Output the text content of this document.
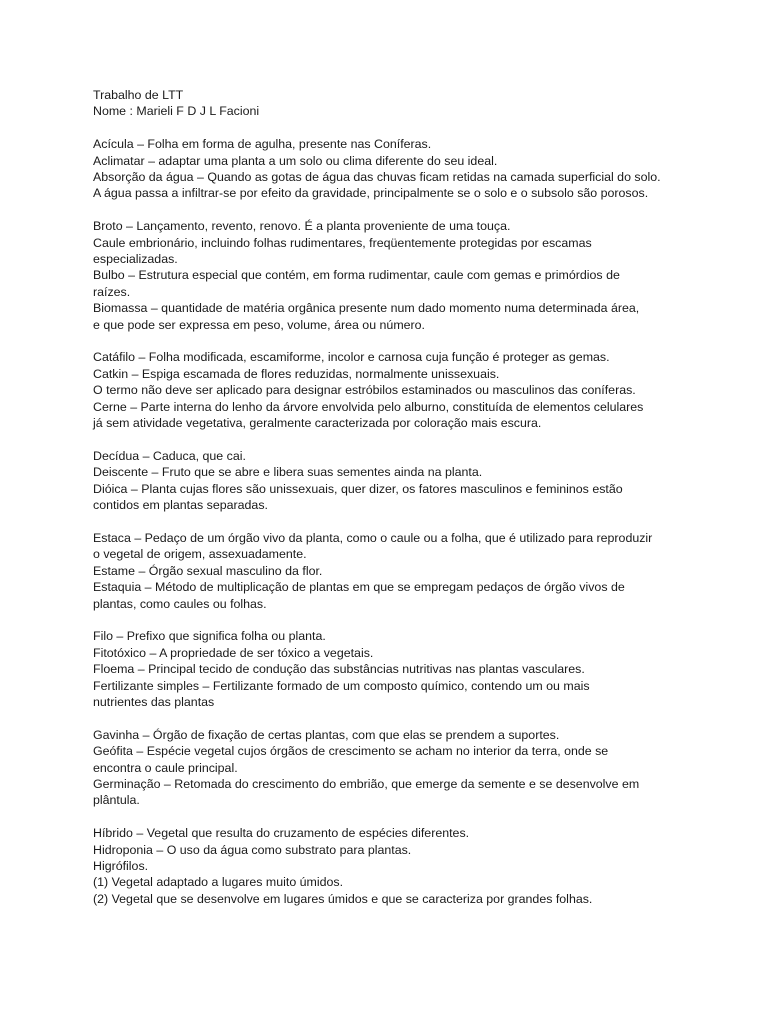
Trabalho de LTT
Nome : Marieli F D J L Facioni
Acícula – Folha em forma de agulha, presente nas Coníferas.
Aclimatar – adaptar uma planta a um solo ou clima diferente do seu ideal.
Absorção da água – Quando as gotas de água das chuvas ficam retidas na camada superficial do solo.
A água passa a infiltrar-se por efeito da gravidade, principalmente se o solo e o subsolo são porosos.
Broto – Lançamento, revento, renovo. É a planta proveniente de uma touça.
Caule embrionário, incluindo folhas rudimentares, freqüentemente protegidas por escamas
especializadas.
Bulbo – Estrutura especial que contém, em forma rudimentar, caule com gemas e primórdios de
raízes.
Biomassa – quantidade de matéria orgânica presente num dado momento numa determinada área,
e que pode ser expressa em peso, volume, área ou número.
Catáfilo – Folha modificada, escamiforme, incolor e carnosa cuja função é proteger as gemas.
Catkin – Espiga escamada de flores reduzidas, normalmente unissexuais.
O termo não deve ser aplicado para designar estróbilos estaminados ou masculinos das coníferas.
Cerne – Parte interna do lenho da árvore envolvida pelo alburno, constituída de elementos celulares
já sem atividade vegetativa, geralmente caracterizada por coloração mais escura.
Decídua – Caduca, que cai.
Deiscente – Fruto que se abre e libera suas sementes ainda na planta.
Dióica – Planta cujas flores são unissexuais, quer dizer, os fatores masculinos e femininos estão
contidos em plantas separadas.
Estaca – Pedaço de um órgão vivo da planta, como o caule ou a folha, que é utilizado para reproduzir
o vegetal de origem, assexuadamente.
Estame – Órgão sexual masculino da flor.
Estaquia – Método de multiplicação de plantas em que se empregam pedaços de órgão vivos de
plantas, como caules ou folhas.
Filo – Prefixo que significa folha ou planta.
Fitotóxico – A propriedade de ser tóxico a vegetais.
Floema – Principal tecido de condução das substâncias nutritivas nas plantas vasculares.
Fertilizante simples – Fertilizante formado de um composto químico, contendo um ou mais
nutrientes das plantas
Gavinha – Órgão de fixação de certas plantas, com que elas se prendem a suportes.
Geófita – Espécie vegetal cujos órgãos de crescimento se acham no interior da terra, onde se
encontra o caule principal.
Germinação – Retomada do crescimento do embrião, que emerge da semente e se desenvolve em
plântula.
Híbrido – Vegetal que resulta do cruzamento de espécies diferentes.
Hidroponia – O uso da água como substrato para plantas.
Higrófilos.
(1) Vegetal adaptado a lugares muito úmidos.
(2) Vegetal que se desenvolve em lugares úmidos e que se caracteriza por grandes folhas.
